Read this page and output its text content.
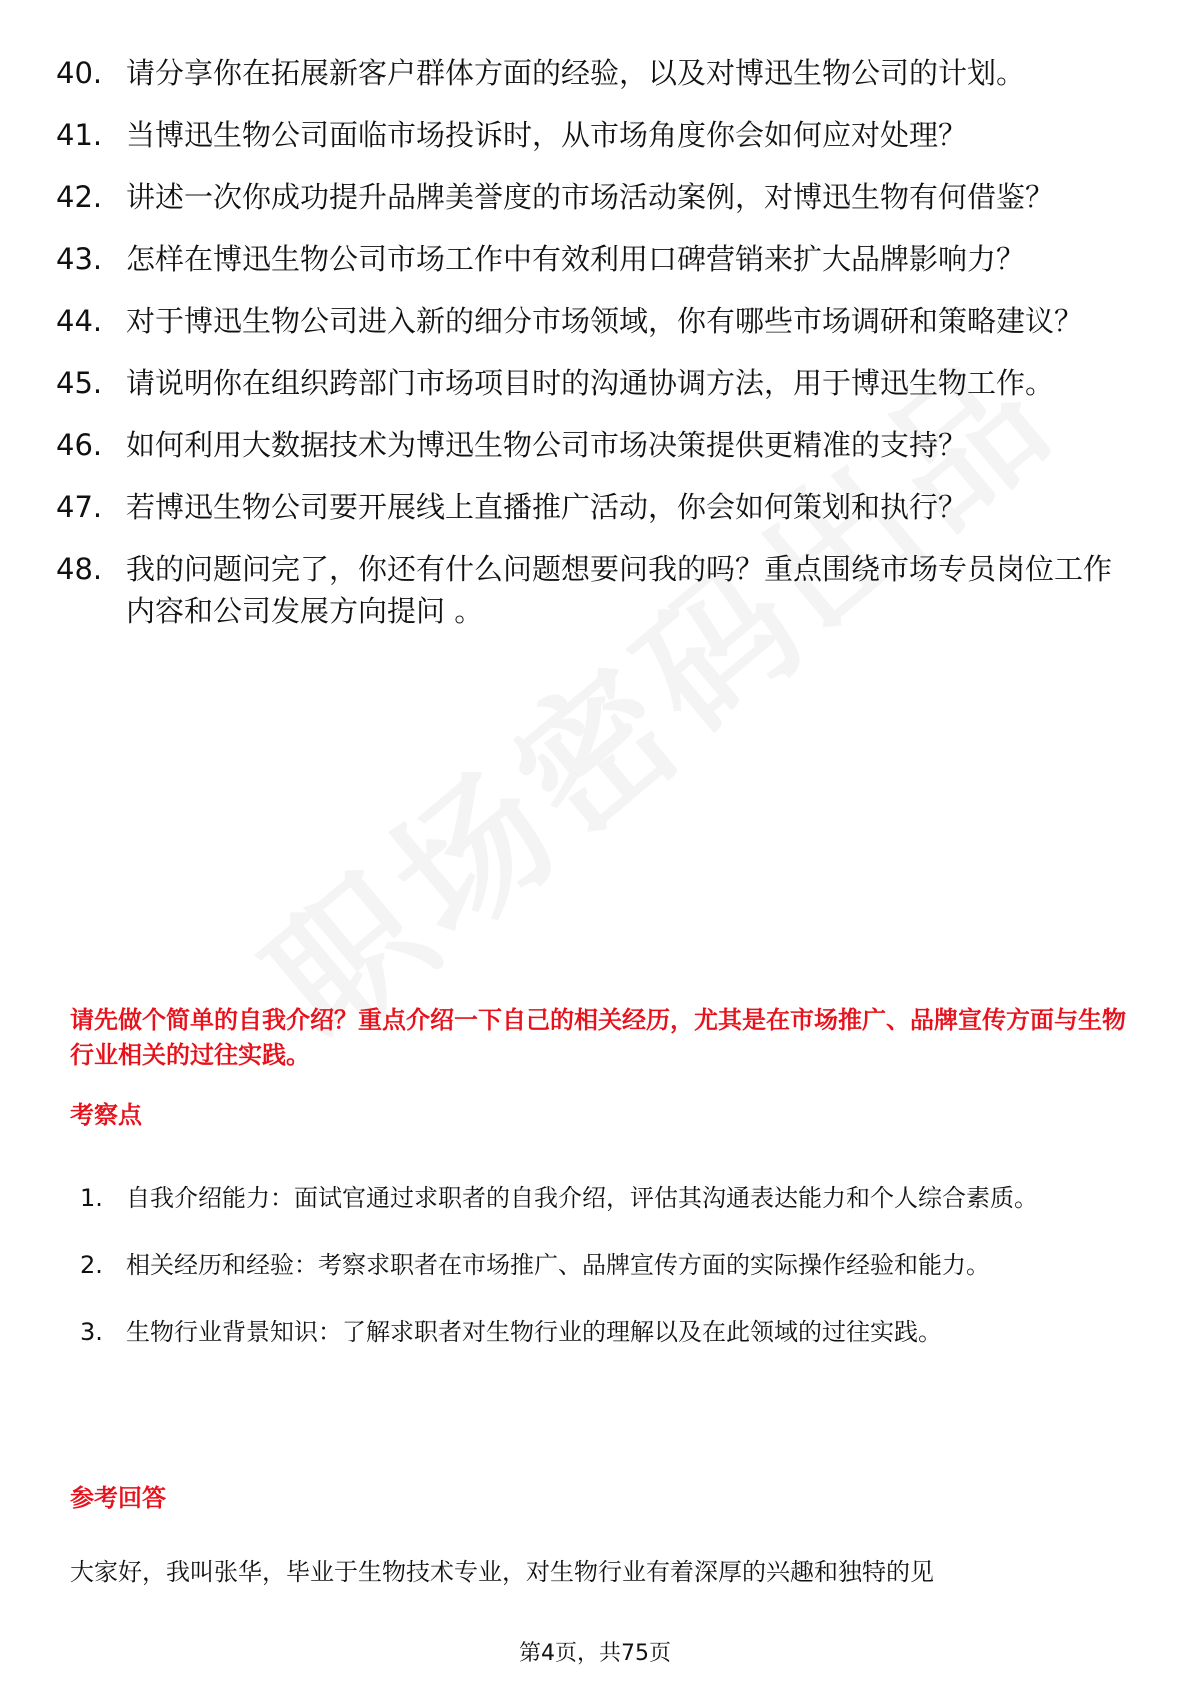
40. 请分享你在拓展新客户群体方面的经验，以及对博迅生物公司的计划。
41. 当博迅生物公司面临市场投诉时，从市场角度你会如何应对处理？
42. 讲述一次你成功提升品牌美誉度的市场活动案例，对博迅生物有何借鉴？
43. 怎样在博迅生物公司市场工作中有效利用口碑营销来扩大品牌影响力？
44. 对于博迅生物公司进入新的细分市场领域，你有哪些市场调研和策略建议？
45. 请说明你在组织跨部门市场项目时的沟通协调方法，用于博迅生物工作。
46. 如何利用大数据技术为博迅生物公司市场决策提供更精准的支持？
47. 若博迅生物公司要开展线上直播推广活动，你会如何策划和执行？
48. 我的问题问完了，你还有什么问题想要问我的吗？重点围绕市场专员岗位工作内容和公司发展方向提问 。
请先做个简单的自我介绍？重点介绍一下自己的相关经历，尤其是在市场推广、品牌宣传方面与生物行业相关的过往实践。
考察点
1. 自我介绍能力：面试官通过求职者的自我介绍，评估其沟通表达能力和个人综合素质。
2. 相关经历和经验：考察求职者在市场推广、品牌宣传方面的实际操作经验和能力。
3. 生物行业背景知识：了解求职者对生物行业的理解以及在此领域的过往实践。
参考回答
大家好，我叫张华，毕业于生物技术专业，对生物行业有着深厚的兴趣和独特的见
第4页，共75页
